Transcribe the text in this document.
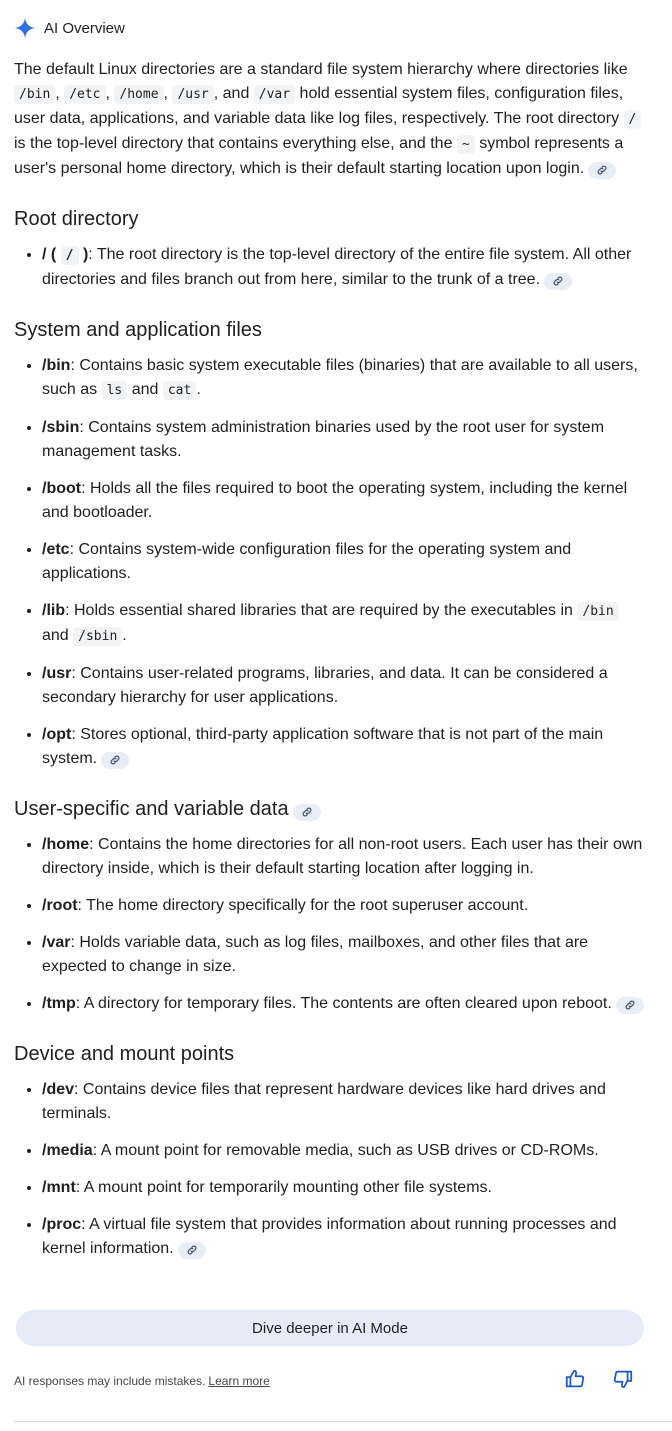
AI Overview

The default Linux directories are a standard file system hierarchy where directories like /bin , /etc , /home , /usr , and /var hold essential system files, configuration files, user data, applications, and variable data like log files, respectively. The root directory / is the top-level directory that contains everything else, and the ~ symbol represents a user's personal home directory, which is their default starting location upon login.

Root directory
• / ( / ): The root directory is the top-level directory of the entire file system. All other directories and files branch out from here, similar to the trunk of a tree.
System and application files
• /bin: Contains basic system executable files (binaries) that are available to all users, such as ls and cat .
• /sbin: Contains system administration binaries used by the root user for system management tasks.
• /boot: Holds all the files required to boot the operating system, including the kernel and bootloader.
• /etc: Contains system-wide configuration files for the operating system and applications.
• /lib: Holds essential shared libraries that are required by the executables in /bin
and /sbin .
• /usr: Contains user-related programs, libraries, and data. It can be considered a secondary hierarchy for user applications.
• /opt: Stores optional, third-party application software that is not part of the main system.
User-specific and variable data
• /home: Contains the home directories for all non-root users. Each user has their own directory inside, which is their default starting location after logging in.
• /root: The home directory specifically for the root superuser account.
• /var: Holds variable data, such as log files, mailboxes, and other files that are expected to change in size.
• /tmp: A directory for temporary files. The contents are often cleared upon reboot.
Device and mount points
• /dev: Contains device files that represent hardware devices like hard drives and terminals.
• /media: A mount point for removable media, such as USB drives or CD-ROMs.
• /mnt: A mount point for temporarily mounting other file systems.
• /proc: A virtual file system that provides information about running processes and kernel information.
Dive deeper in AI Mode
AI responses may include mistakes. Learn more
